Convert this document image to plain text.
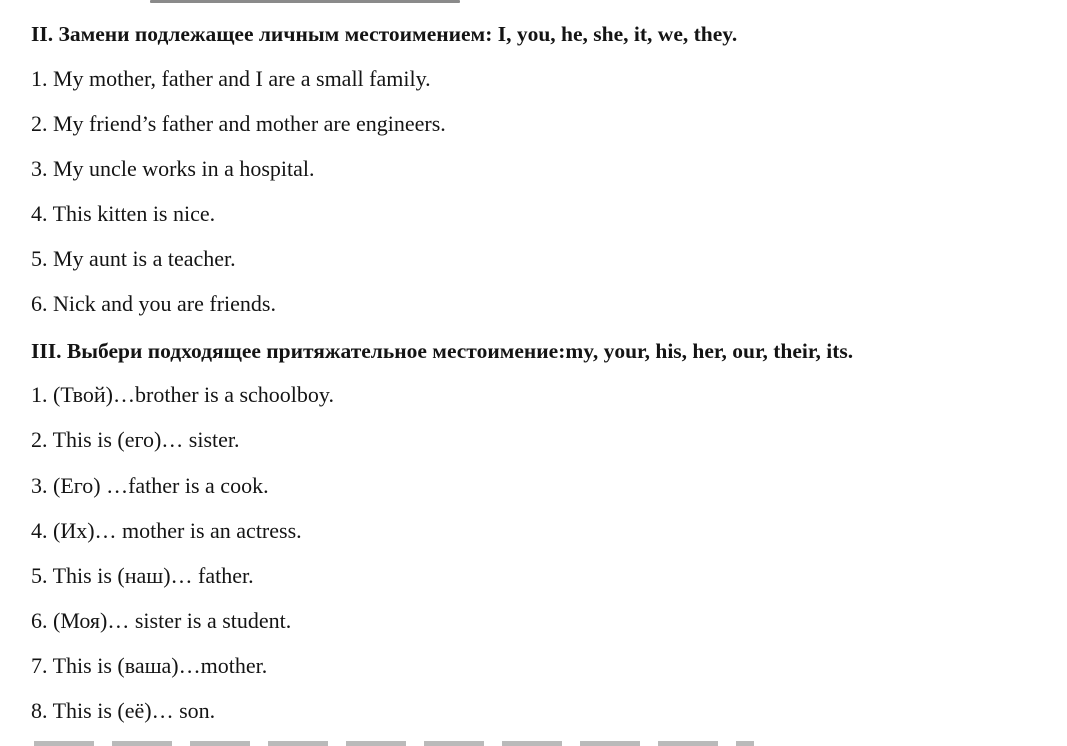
II. Замени подлежащее личным местоимением: I, you, he, she, it, we, they.
1. My mother, father and I are a small family.
2. My friend’s father and mother are engineers.
3. My uncle works in a hospital.
4. This kitten is nice.
5. My aunt is a teacher.
6. Nick and you are friends.
III. Выбери подходящее притяжательное местоимение:my, your, his, her, our, their, its.
1. (Твой)…brother is a schoolboy.
2. This is (его)… sister.
3. (Его) …father is a cook.
4. (Их)… mother is an actress.
5. This is (наш)… father.
6. (Моя)… sister is a student.
7. This is (ваша)…mother.
8. This is (её)… son.
